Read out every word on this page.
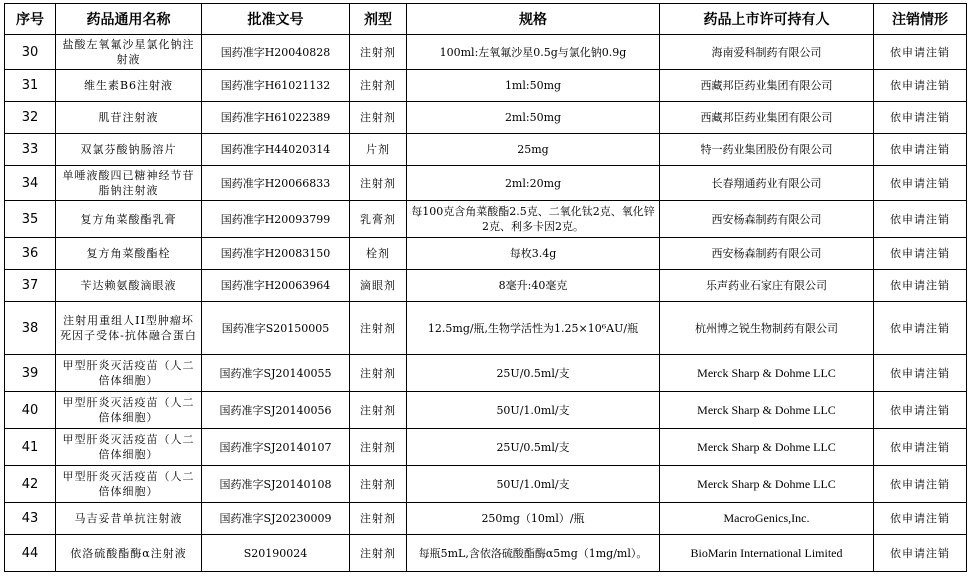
序号	药品通用名称	批准文号	剂型	规格	药品上市许可持有人	注销情形
30	盐酸左氧氟沙星氯化钠注射液	国药准字H20040828	注射剂	100ml:左氧氟沙星0.5g与氯化钠0.9g	海南爱科制药有限公司	依申请注销
31	维生素B6注射液	国药准字H61021132	注射剂	1ml:50mg	西藏邦臣药业集团有限公司	依申请注销
32	肌苷注射液	国药准字H61022389	注射剂	2ml:50mg	西藏邦臣药业集团有限公司	依申请注销
33	双氯芬酸钠肠溶片	国药准字H44020314	片剂	25mg	特一药业集团股份有限公司	依申请注销
34	单唾液酸四已糖神经节苷脂钠注射液	国药准字H20066833	注射剂	2ml:20mg	长春翔通药业有限公司	依申请注销
35	复方角菜酸酯乳膏	国药准字H20093799	乳膏剂	每100克含角菜酸酯2.5克、二氧化钛2克、氧化锌2克、利多卡因2克。	西安杨森制药有限公司	依申请注销
36	复方角菜酸酯栓	国药准字H20083150	栓剂	每枚3.4g	西安杨森制药有限公司	依申请注销
37	苄达赖氨酸滴眼液	国药准字H20063964	滴眼剂	8毫升:40毫克	乐声药业石家庄有限公司	依申请注销
38	注射用重组人II型肿瘤坏死因子受体-抗体融合蛋白	国药准字S20150005	注射剂	12.5mg/瓶,生物学活性为1.25×10⁶AU/瓶	杭州博之锐生物制药有限公司	依申请注销
39	甲型肝炎灭活疫苗（人二倍体细胞）	国药准字SJ20140055	注射剂	25U/0.5ml/支	Merck Sharp & Dohme LLC	依申请注销
40	甲型肝炎灭活疫苗（人二倍体细胞）	国药准字SJ20140056	注射剂	50U/1.0ml/支	Merck Sharp & Dohme LLC	依申请注销
41	甲型肝炎灭活疫苗（人二倍体细胞）	国药准字SJ20140107	注射剂	25U/0.5ml/支	Merck Sharp & Dohme LLC	依申请注销
42	甲型肝炎灭活疫苗（人二倍体细胞）	国药准字SJ20140108	注射剂	50U/1.0ml/支	Merck Sharp & Dohme LLC	依申请注销
43	马吉妥昔单抗注射液	国药准字SJ20230009	注射剂	250mg（10ml）/瓶	MacroGenics,Inc.	依申请注销
44	依洛硫酸酯酶α注射液	S20190024	注射剂	每瓶5mL,含依洛硫酸酯酶α5mg（1mg/ml）。	BioMarin International Limited	依申请注销
